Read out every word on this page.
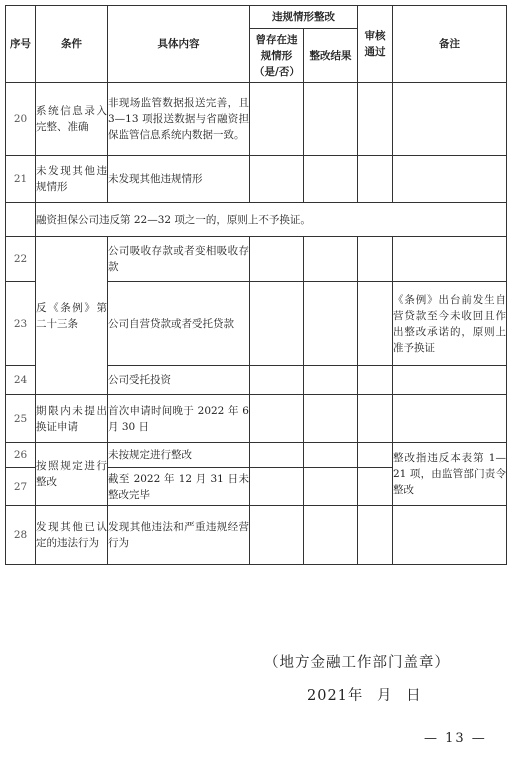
序号	条件	具体内容	违规情形整改		审核通过	备注
			曾存在违规情形（是/否）	整改结果		
20	系统信息录入完整、准确	非现场监管数据报送完善，且 3—13 项报送数据与省融资担保监管信息系统内数据一致。				
21	未发现其他违规情形	未发现其他违规情形				
	融资担保公司违反第 22—32 项之一的，原则上不予换证。					
22	反《条例》第二十三条	公司吸收存款或者变相吸收存款				
23		公司自营贷款或者受托贷款				《条例》出台前发生自营贷款至今未收回且作出整改承诺的，原则上准予换证
24		公司受托投资				
25	期限内未提出换证申请	首次申请时间晚于 2022 年 6 月 30 日				
26	按照规定进行整改	未按规定进行整改				整改指违反本表第 1—21 项，由监管部门责令整改
27		截至 2022 年 12 月 31 日未整改完毕				
28	发现其他已认定的违法行为	发现其他违法和严重违规经营行为				
（地方金融工作部门盖章）
2021年 月 日
— 13 —
